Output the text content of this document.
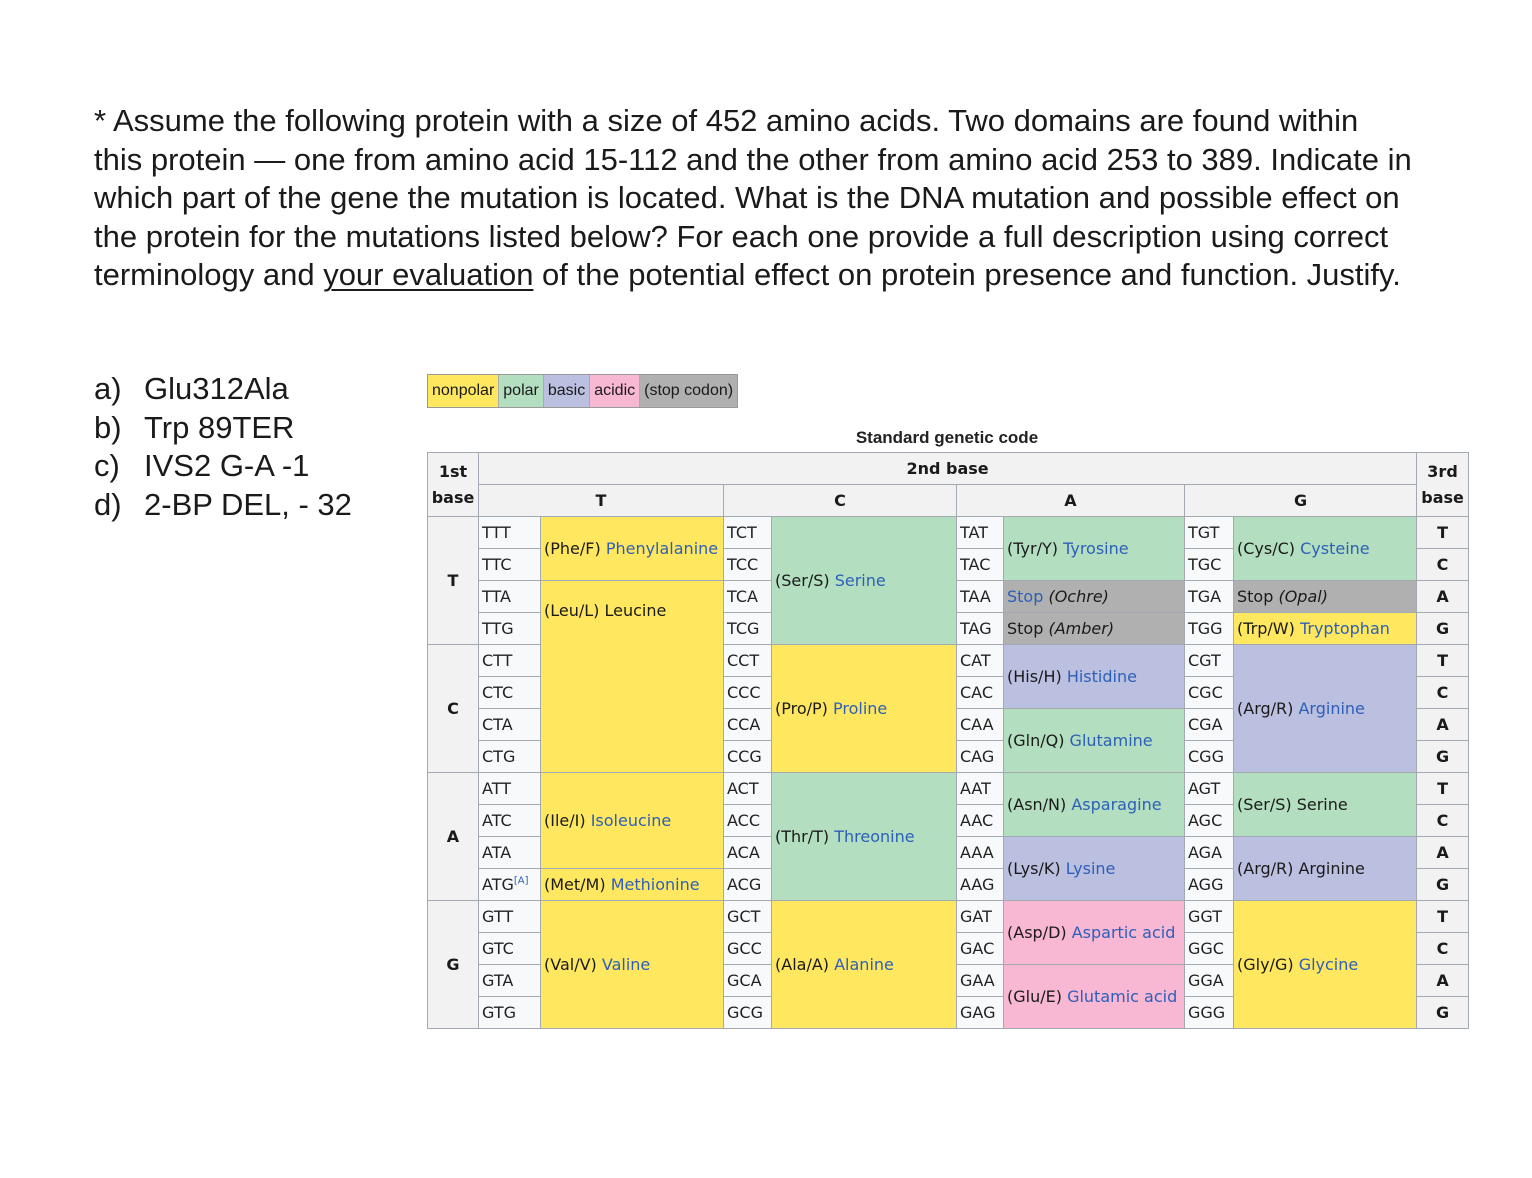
* Assume the following protein with a size of 452 amino acids. Two domains are found within this protein — one from amino acid 15-112 and the other from amino acid 253 to 389. Indicate in which part of the gene the mutation is located. What is the DNA mutation and possible effect on the protein for the mutations listed below? For each one provide a full description using correct terminology and your evaluation of the potential effect on protein presence and function. Justify.

a) Glu312Ala
b) Trp 89TER
c) IVS2 G-A -1
d) 2-BP DEL, - 32
nonpolar polar basic acidic (stop codon)
Standard genetic code
1st base	2nd base								3rd base
	T		C		A		G		
T	TTT	(Phe/F) Phenylalanine	TCT	(Ser/S) Serine	TAT	(Tyr/Y) Tyrosine	TGT	(Cys/C) Cysteine	T
	TTC		TCC		TAC		TGC		C
	TTA	(Leu/L) Leucine	TCA		TAA	Stop (Ochre)	TGA	Stop (Opal)	A
	TTG		TCG		TAG	Stop (Amber)	TGG	(Trp/W) Tryptophan	G
C	CTT		CCT	(Pro/P) Proline	CAT	(His/H) Histidine	CGT	(Arg/R) Arginine	T
	CTC		CCC		CAC		CGC		C
	CTA		CCA		CAA	(Gln/Q) Glutamine	CGA		A
	CTG		CCG		CAG		CGG		G
A	ATT	(Ile/I) Isoleucine	ACT	(Thr/T) Threonine	AAT	(Asn/N) Asparagine	AGT	(Ser/S) Serine	T
	ATC		ACC		AAC		AGC		C
	ATA		ACA		AAA	(Lys/K) Lysine	AGA	(Arg/R) Arginine	A
	ATG[A]	(Met/M) Methionine	ACG		AAG		AGG		G
G	GTT	(Val/V) Valine	GCT	(Ala/A) Alanine	GAT	(Asp/D) Aspartic acid	GGT	(Gly/G) Glycine	T
	GTC		GCC		GAC		GGC		C
	GTA		GCA		GAA	(Glu/E) Glutamic acid	GGA		A
	GTG		GCG		GAG		GGG		G
